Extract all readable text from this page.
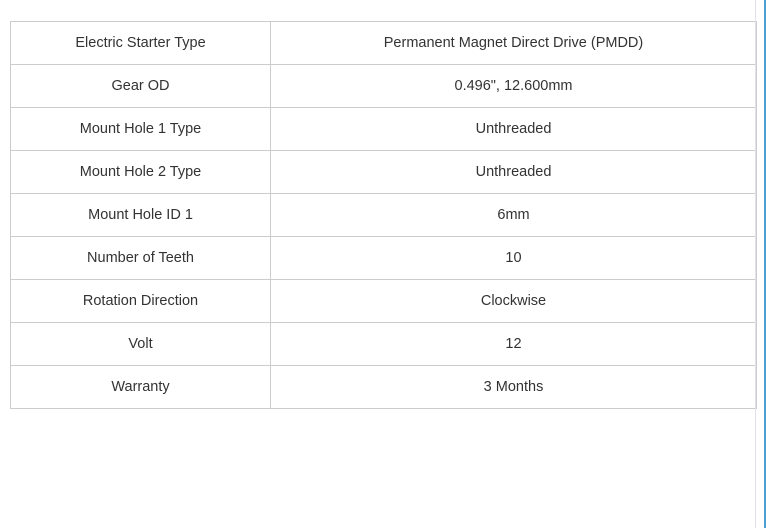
Electric Starter Type	Permanent Magnet Direct Drive (PMDD)
Gear OD	0.496", 12.600mm
Mount Hole 1 Type	Unthreaded
Mount Hole 2 Type	Unthreaded
Mount Hole ID 1	6mm
Number of Teeth	10
Rotation Direction	Clockwise
Volt	12
Warranty	3 Months
